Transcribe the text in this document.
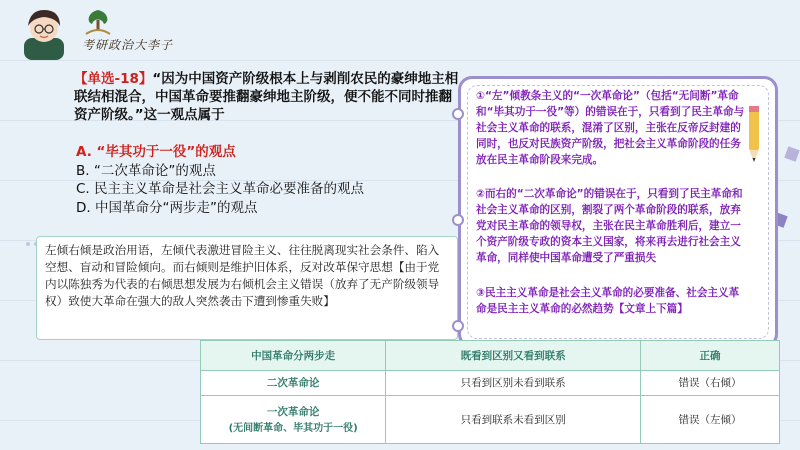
考研政治大李子
【单选-18】“因为中国资产阶级根本上与剥削农民的豪绅地主相联结相混合，中国革命要推翻豪绅地主阶级，便不能不同时推翻资产阶级。”这一观点属于
A. “毕其功于一役”的观点
B. “二次革命论”的观点
C. 民主主义革命是社会主义革命必要准备的观点
D. 中国革命分“两步走”的观点
左倾右倾是政治用语，左倾代表激进冒险主义、往往脱离现实社会条件、陷入空想、盲动和冒险倾向。而右倾则是维护旧体系，反对改革保守思想【由于党内以陈独秀为代表的右倾思想发展为右倾机会主义错误（放弃了无产阶级领导权）致使大革命在强大的敌人突然袭击下遭到惨重失败】
①“左”倾教条主义的“一次革命论”（包括“无间断”革命和“毕其功于一役”等）的错误在于，只看到了民主革命与社会主义革命的联系，混淆了区别，主张在反帝反封建的同时，也反对民族资产阶级，把社会主义革命阶段的任务放在民主革命阶段来完成。
②而右的“二次革命论”的错误在于，只看到了民主革命和社会主义革命的区别，割裂了两个革命阶段的联系，放弃党对民主革命的领导权，主张在民主革命胜利后，建立一个资产阶级专政的资本主义国家，将来再去进行社会主义革命，同样使中国革命遭受了严重损失
③民主主义革命是社会主义革命的必要准备、社会主义革命是民主主义革命的必然趋势【文章上下篇】
中国革命分两步走	既看到区别又看到联系	正确
二次革命论	只看到区别未看到联系	错误（右倾）
一次革命论
(无间断革命、毕其功于一役)	只看到联系未看到区别	错误（左倾）
